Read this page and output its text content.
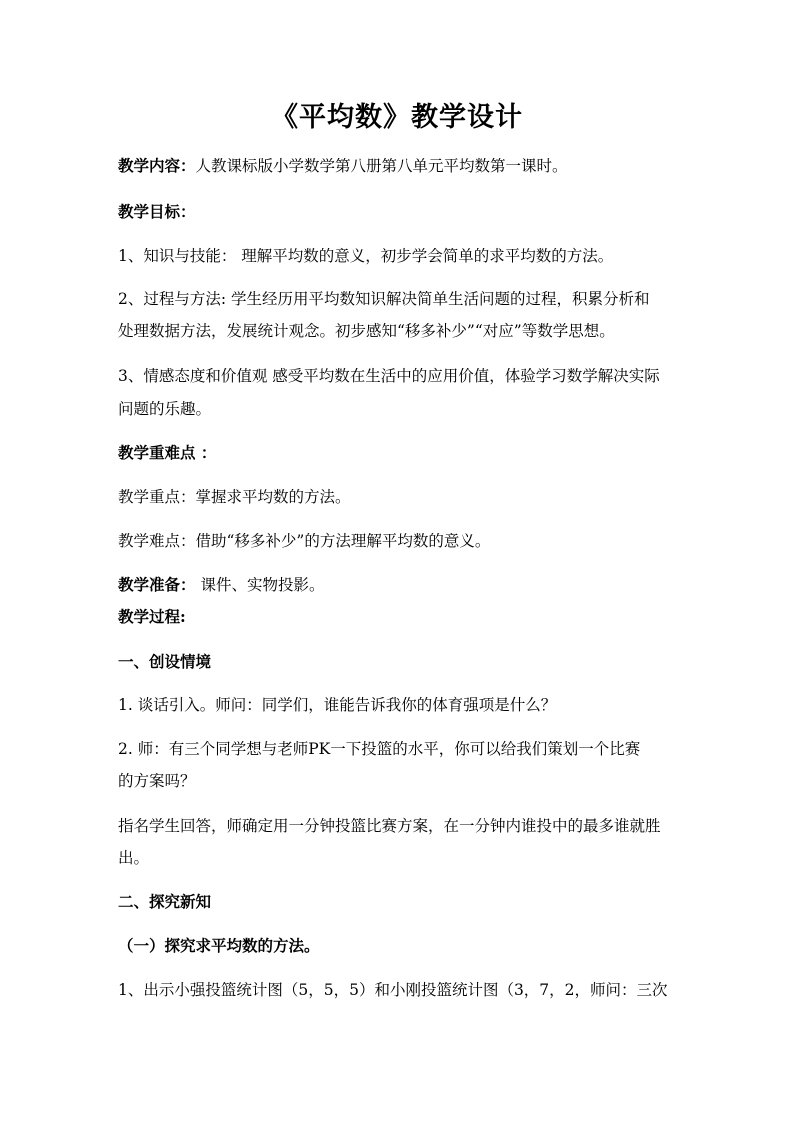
《平均数》教学设计
教学内容：人教课标版小学数学第八册第八单元平均数第一课时。
教学目标：
1、知识与技能： 理解平均数的意义，初步学会简单的求平均数的方法。
2、过程与方法: 学生经历用平均数知识解决简单生活问题的过程，积累分析和
处理数据方法，发展统计观念。初步感知“移多补少”“对应”等数学思想。
3、情感态度和价值观 感受平均数在生活中的应用价值，体验学习数学解决实际
问题的乐趣。
教学重难点 ：
教学重点：掌握求平均数的方法。
教学难点：借助“移多补少”的方法理解平均数的意义。
教学准备： 课件、实物投影。
教学过程:
一、创设情境
1. 谈话引入。师问：同学们，谁能告诉我你的体育强项是什么？
2. 师：有三个同学想与老师PK一下投篮的水平，你可以给我们策划一个比赛
的方案吗？
指名学生回答，师确定用一分钟投篮比赛方案，在一分钟内谁投中的最多谁就胜
出。
二、探究新知
（一）探究求平均数的方法。
1、出示小强投篮统计图（5，5，5）和小刚投篮统计图（3，7，2，师问：三次
